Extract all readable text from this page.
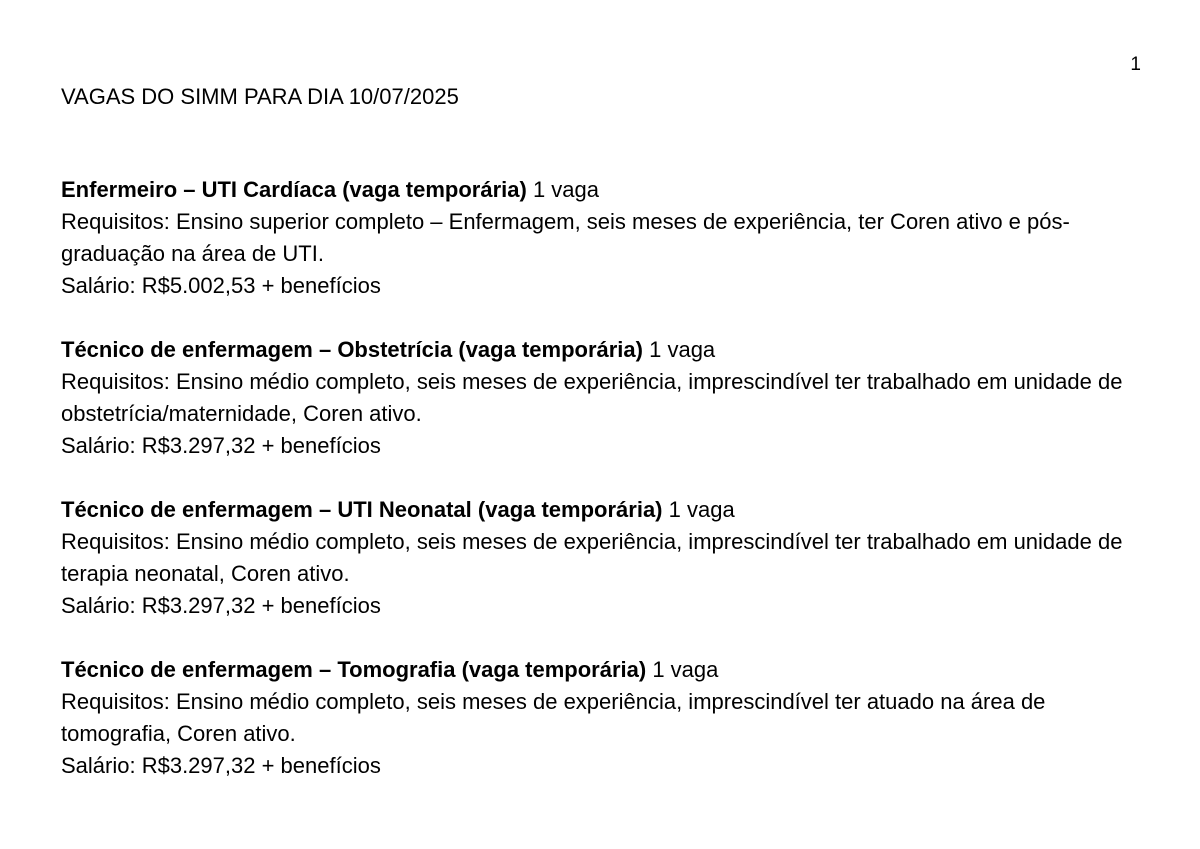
1
VAGAS DO SIMM PARA DIA 10/07/2025

Enfermeiro – UTI Cardíaca (vaga temporária) 1 vaga
Requisitos: Ensino superior completo – Enfermagem, seis meses de experiência, ter Coren ativo e pós-graduação na área de UTI.
Salário: R$5.002,53 + benefícios

Técnico de enfermagem – Obstetrícia (vaga temporária) 1 vaga
Requisitos: Ensino médio completo, seis meses de experiência, imprescindível ter trabalhado em unidade de obstetrícia/maternidade, Coren ativo.
Salário: R$3.297,32 + benefícios

Técnico de enfermagem – UTI Neonatal (vaga temporária) 1 vaga
Requisitos: Ensino médio completo, seis meses de experiência, imprescindível ter trabalhado em unidade de terapia neonatal, Coren ativo.
Salário: R$3.297,32 + benefícios

Técnico de enfermagem – Tomografia (vaga temporária) 1 vaga
Requisitos: Ensino médio completo, seis meses de experiência, imprescindível ter atuado na área de tomografia, Coren ativo.
Salário: R$3.297,32 + benefícios
